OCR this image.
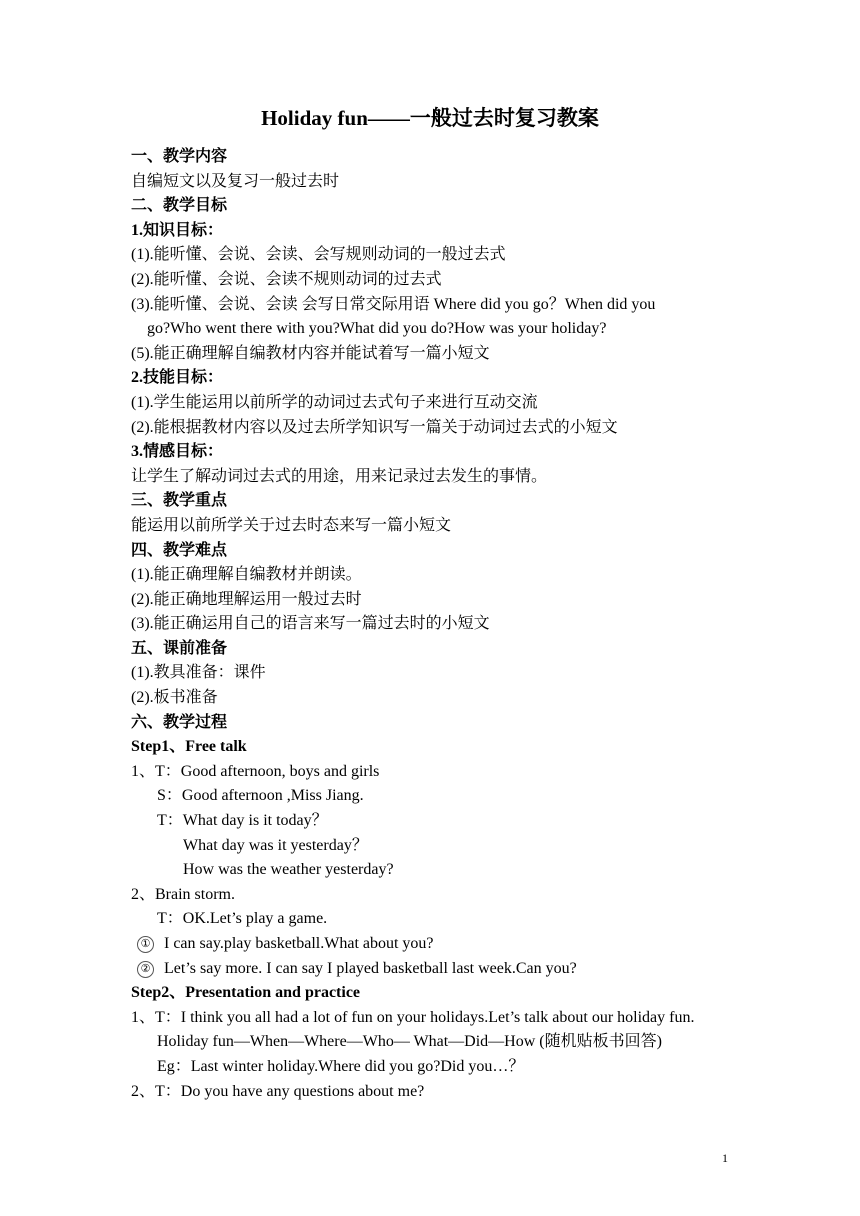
Holiday fun——一般过去时复习教案
一、教学内容
自编短文以及复习一般过去时
二、教学目标
1.知识目标：
(1).能听懂、会说、会读、会写规则动词的一般过去式
(2).能听懂、会说、会读不规则动词的过去式
(3).能听懂、会说、会读 会写日常交际用语 Where did you go？When did you
go?Who went there with you?What did you do?How was your holiday?
(5).能正确理解自编教材内容并能试着写一篇小短文
2.技能目标：
(1).学生能运用以前所学的动词过去式句子来进行互动交流
(2).能根据教材内容以及过去所学知识写一篇关于动词过去式的小短文
3.情感目标：
让学生了解动词过去式的用途，用来记录过去发生的事情。
三、教学重点
能运用以前所学关于过去时态来写一篇小短文
四、教学难点
(1).能正确理解自编教材并朗读。
(2).能正确地理解运用一般过去时
(3).能正确运用自己的语言来写一篇过去时的小短文
五、课前准备
(1).教具准备：课件
(2).板书准备
六、教学过程
Step1、Free talk
1、T：Good afternoon, boys and girls
S：Good afternoon ,Miss Jiang.
T：What day is it today？
What day was it yesterday？
How was the weather yesterday?
2、Brain storm.
T：OK.Let’s play a game.
① I can say.play basketball.What about you?
② Let’s say more. I can say I played basketball last week.Can you?
Step2、Presentation and practice
1、T：I think you all had a lot of fun on your holidays.Let’s talk about our holiday fun.
Holiday fun—When—Where—Who— What—Did—How (随机贴板书回答)
Eg：Last winter holiday.Where did you go?Did you…？
2、T：Do you have any questions about me?
1
